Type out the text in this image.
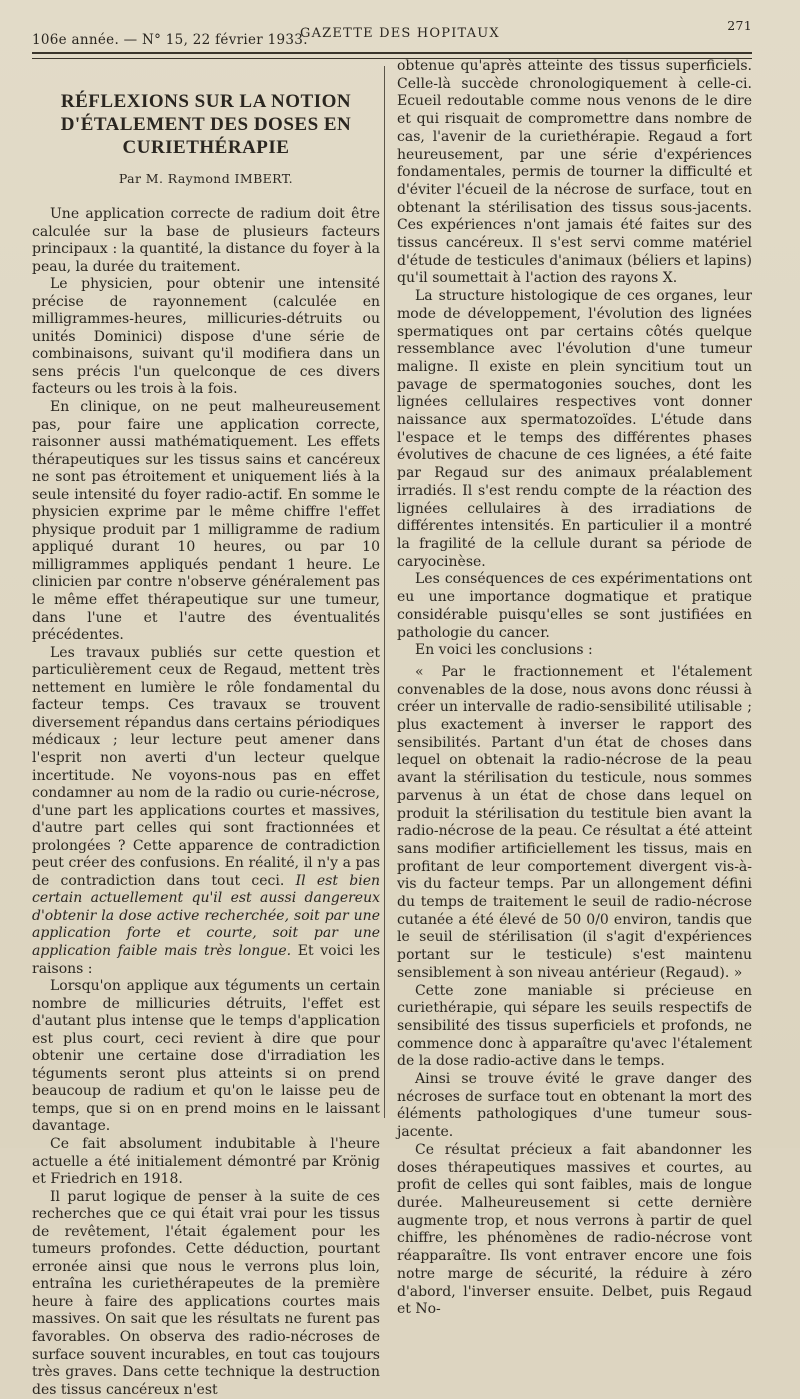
106e année. — N° 15, 22 février 1933.
GAZETTE DES HOPITAUX
271
RÉFLEXIONS SUR LA NOTION D'ÉTALEMENT DES DOSES EN CURIETHÉRAPIE
Par M. Raymond IMBERT.

Une application correcte de radium doit être calculée sur la base de plusieurs facteurs principaux : la quantité, la distance du foyer à la peau, la durée du traitement.

Le physicien, pour obtenir une intensité précise de rayonnement (calculée en milligrammes-heures, millicuries-détruits ou unités Dominici) dispose d'une série de combinaisons, suivant qu'il modifiera dans un sens précis l'un quelconque de ces divers facteurs ou les trois à la fois.

En clinique, on ne peut malheureusement pas, pour faire une application correcte, raisonner aussi mathématiquement. Les effets thérapeutiques sur les tissus sains et cancéreux ne sont pas étroitement et uniquement liés à la seule intensité du foyer radio-actif. En somme le physicien exprime par le même chiffre l'effet physique produit par 1 milligramme de radium appliqué durant 10 heures, ou par 10 milligrammes appliqués pendant 1 heure. Le clinicien par contre n'observe généralement pas le même effet thérapeutique sur une tumeur, dans l'une et l'autre des éventualités précédentes.

Les travaux publiés sur cette question et particulièrement ceux de Regaud, mettent très nettement en lumière le rôle fondamental du facteur temps. Ces travaux se trouvent diversement répandus dans certains périodiques médicaux ; leur lecture peut amener dans l'esprit non averti d'un lecteur quelque incertitude. Ne voyons-nous pas en effet condamner au nom de la radio ou curie-nécrose, d'une part les applications courtes et massives, d'autre part celles qui sont fractionnées et prolongées ? Cette apparence de contradiction peut créer des confusions. En réalité, il n'y a pas de contradiction dans tout ceci. Il est bien certain actuellement qu'il est aussi dangereux d'obtenir la dose active recherchée, soit par une application forte et courte, soit par une application faible mais très longue. Et voici les raisons :

Lorsqu'on applique aux téguments un certain nombre de millicuries détruits, l'effet est d'autant plus intense que le temps d'application est plus court, ceci revient à dire que pour obtenir une certaine dose d'irradiation les téguments seront plus atteints si on prend beaucoup de radium et qu'on le laisse peu de temps, que si on en prend moins en le laissant davantage.

Ce fait absolument indubitable à l'heure actuelle a été initialement démontré par Krönig et Friedrich en 1918.

Il parut logique de penser à la suite de ces recherches que ce qui était vrai pour les tissus de revêtement, l'était également pour les tumeurs profondes. Cette déduction, pourtant erronée ainsi que nous le verrons plus loin, entraîna les curiethérapeutes de la première heure à faire des applications courtes mais massives. On sait que les résultats ne furent pas favorables. On observa des radio-nécroses de surface souvent incurables, en tout cas toujours très graves. Dans cette technique la destruction des tissus cancéreux n'est

obtenue qu'après atteinte des tissus superficiels. Celle-là succède chronologiquement à celle-ci. Ecueil redoutable comme nous venons de le dire et qui risquait de compromettre dans nombre de cas, l'avenir de la curiethérapie. Regaud a fort heureusement, par une série d'expériences fondamentales, permis de tourner la difficulté et d'éviter l'écueil de la nécrose de surface, tout en obtenant la stérilisation des tissus sous-jacents. Ces expériences n'ont jamais été faites sur des tissus cancéreux. Il s'est servi comme matériel d'étude de testicules d'animaux (béliers et lapins) qu'il soumettait à l'action des rayons X.

La structure histologique de ces organes, leur mode de développement, l'évolution des lignées spermatiques ont par certains côtés quelque ressemblance avec l'évolution d'une tumeur maligne. Il existe en plein syncitium tout un pavage de spermatogonies souches, dont les lignées cellulaires respectives vont donner naissance aux spermatozoïdes. L'étude dans l'espace et le temps des différentes phases évolutives de chacune de ces lignées, a été faite par Regaud sur des animaux préalablement irradiés. Il s'est rendu compte de la réaction des lignées cellulaires à des irradiations de différentes intensités. En particulier il a montré la fragilité de la cellule durant sa période de caryocinèse.

Les conséquences de ces expérimentations ont eu une importance dogmatique et pratique considérable puisqu'elles se sont justifiées en pathologie du cancer.

En voici les conclusions :

« Par le fractionnement et l'étalement convenables de la dose, nous avons donc réussi à créer un intervalle de radio-sensibilité utilisable ; plus exactement à inverser le rapport des sensibilités. Partant d'un état de choses dans lequel on obtenait la radio-nécrose de la peau avant la stérilisation du testicule, nous sommes parvenus à un état de chose dans lequel on produit la stérilisation du testitule bien avant la radio-nécrose de la peau. Ce résultat a été atteint sans modifier artificiellement les tissus, mais en profitant de leur comportement divergent vis-à-vis du facteur temps. Par un allongement défini du temps de traitement le seuil de radio-nécrose cutanée a été élevé de 50 0/0 environ, tandis que le seuil de stérilisation (il s'agit d'expériences portant sur le testicule) s'est maintenu sensiblement à son niveau antérieur (Regaud). »

Cette zone maniable si précieuse en curiethérapie, qui sépare les seuils respectifs de sensibilité des tissus superficiels et profonds, ne commence donc à apparaître qu'avec l'étalement de la dose radio-active dans le temps.

Ainsi se trouve évité le grave danger des nécroses de surface tout en obtenant la mort des éléments pathologiques d'une tumeur sous-jacente.

Ce résultat précieux a fait abandonner les doses thérapeutiques massives et courtes, au profit de celles qui sont faibles, mais de longue durée. Malheureusement si cette dernière augmente trop, et nous verrons à partir de quel chiffre, les phénomènes de radio-nécrose vont réapparaître. Ils vont entraver encore une fois notre marge de sécurité, la réduire à zéro d'abord, l'inverser ensuite. Delbet, puis Regaud et No-
